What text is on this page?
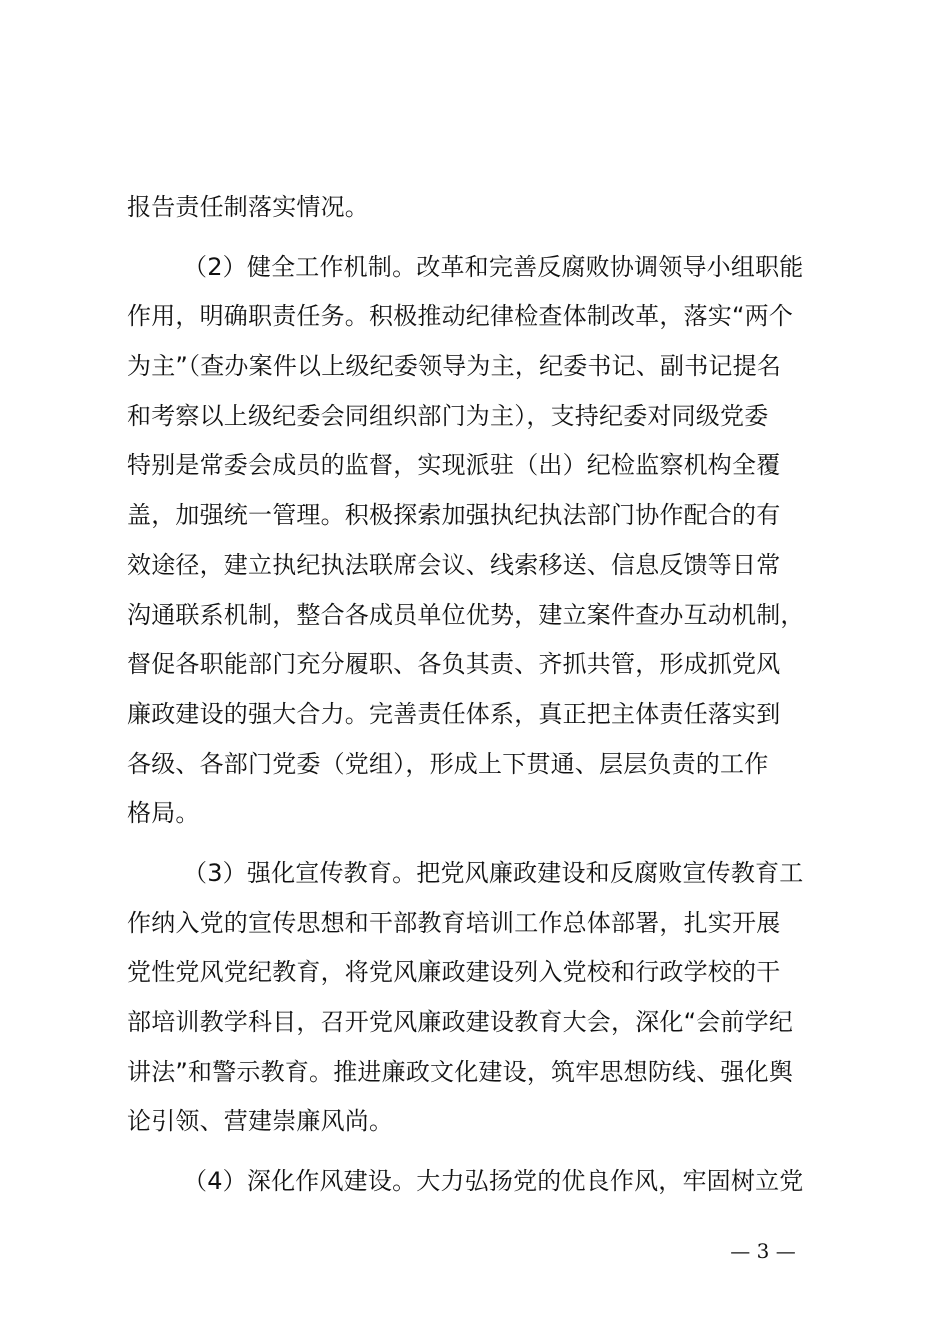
报告责任制落实情况。
（2）健全工作机制。改革和完善反腐败协调领导小组职能
作用，明确职责任务。积极推动纪律检查体制改革，落实“两个
为主”（查办案件以上级纪委领导为主，纪委书记、副书记提名
和考察以上级纪委会同组织部门为主），支持纪委对同级党委
特别是常委会成员的监督，实现派驻（出）纪检监察机构全覆
盖，加强统一管理。积极探索加强执纪执法部门协作配合的有
效途径，建立执纪执法联席会议、线索移送、信息反馈等日常
沟通联系机制，整合各成员单位优势，建立案件查办互动机制，
督促各职能部门充分履职、各负其责、齐抓共管，形成抓党风
廉政建设的强大合力。完善责任体系，真正把主体责任落实到
各级、各部门党委（党组），形成上下贯通、层层负责的工作
格局。
（3）强化宣传教育。把党风廉政建设和反腐败宣传教育工
作纳入党的宣传思想和干部教育培训工作总体部署，扎实开展
党性党风党纪教育，将党风廉政建设列入党校和行政学校的干
部培训教学科目，召开党风廉政建设教育大会，深化“会前学纪
讲法”和警示教育。推进廉政文化建设，筑牢思想防线、强化舆
论引领、营建崇廉风尚。
（4）深化作风建设。大力弘扬党的优良作风，牢固树立党
— 3 —
